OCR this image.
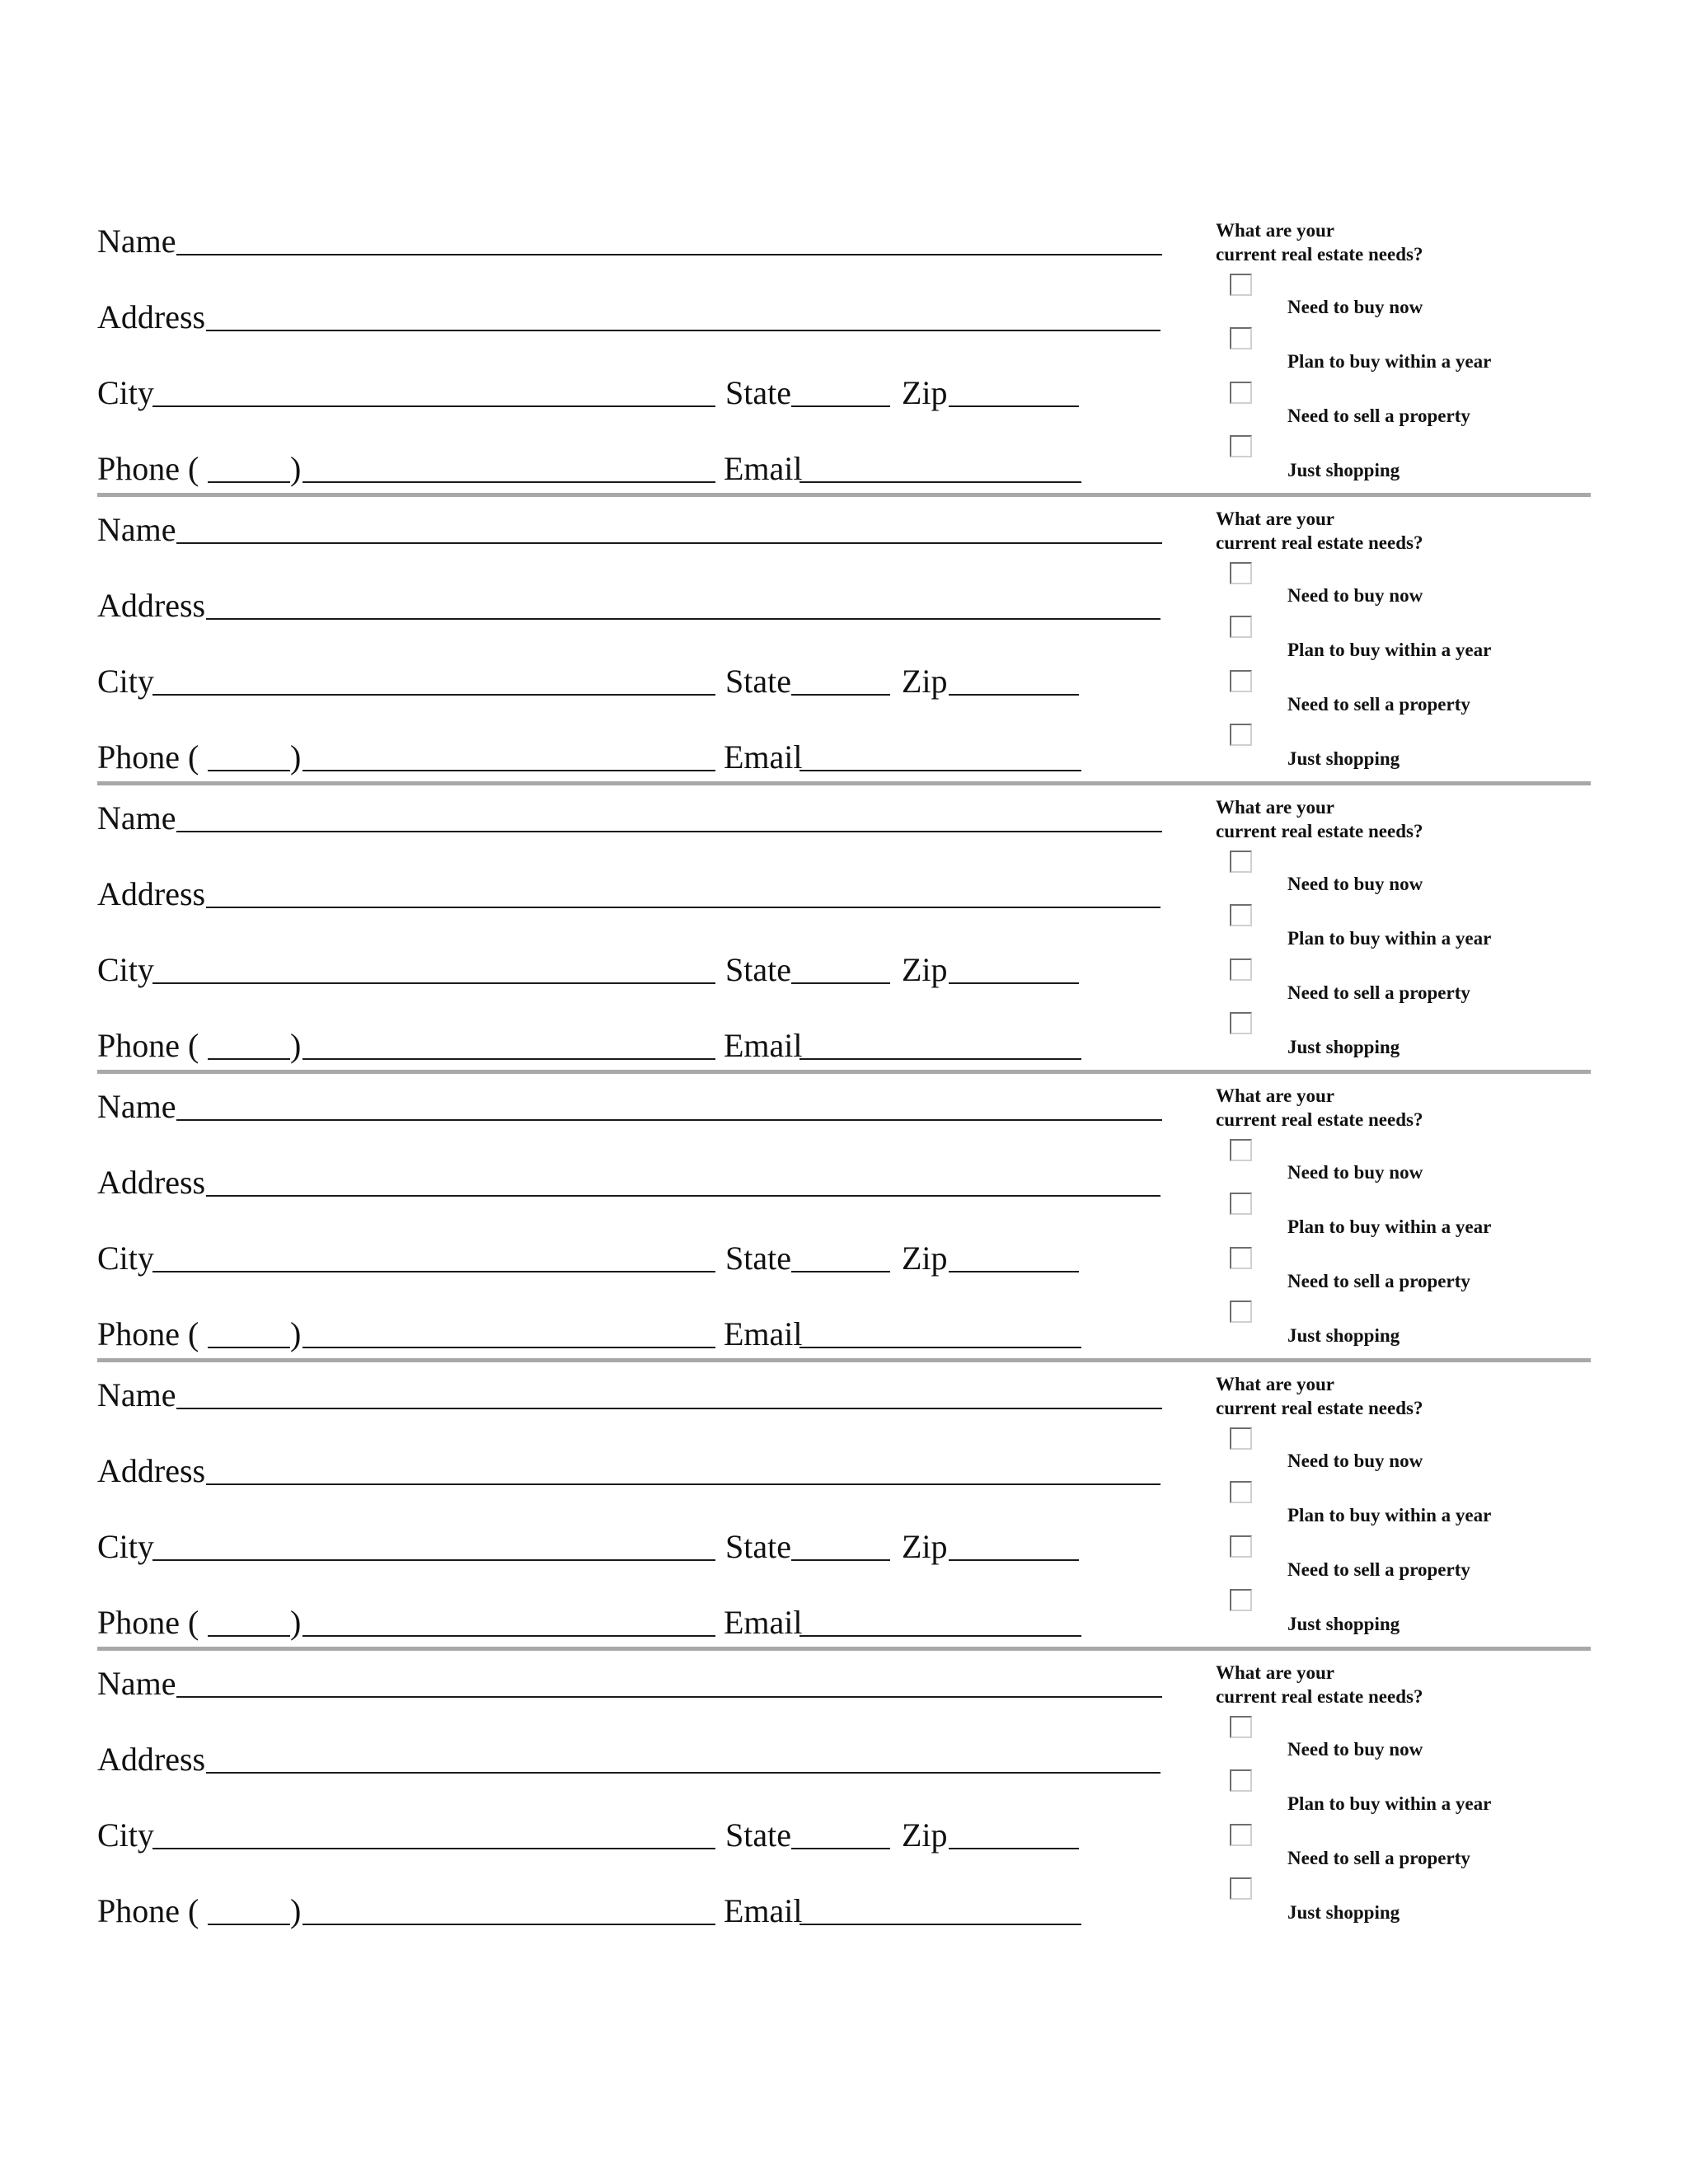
Name
Address
City	State	Zip
Phone (	)	Email
What are your
current real estate needs?
Need to buy now
Plan to buy within a year
Need to sell a property
Just shopping
Name
Address
City	State	Zip
Phone (	)	Email
What are your
current real estate needs?
Need to buy now
Plan to buy within a year
Need to sell a property
Just shopping
Name
Address
City	State	Zip
Phone (	)	Email
What are your
current real estate needs?
Need to buy now
Plan to buy within a year
Need to sell a property
Just shopping
Name
Address
City	State	Zip
Phone (	)	Email
What are your
current real estate needs?
Need to buy now
Plan to buy within a year
Need to sell a property
Just shopping
Name
Address
City	State	Zip
Phone (	)	Email
What are your
current real estate needs?
Need to buy now
Plan to buy within a year
Need to sell a property
Just shopping
Name
Address
City	State	Zip
Phone (	)	Email
What are your
current real estate needs?
Need to buy now
Plan to buy within a year
Need to sell a property
Just shopping
